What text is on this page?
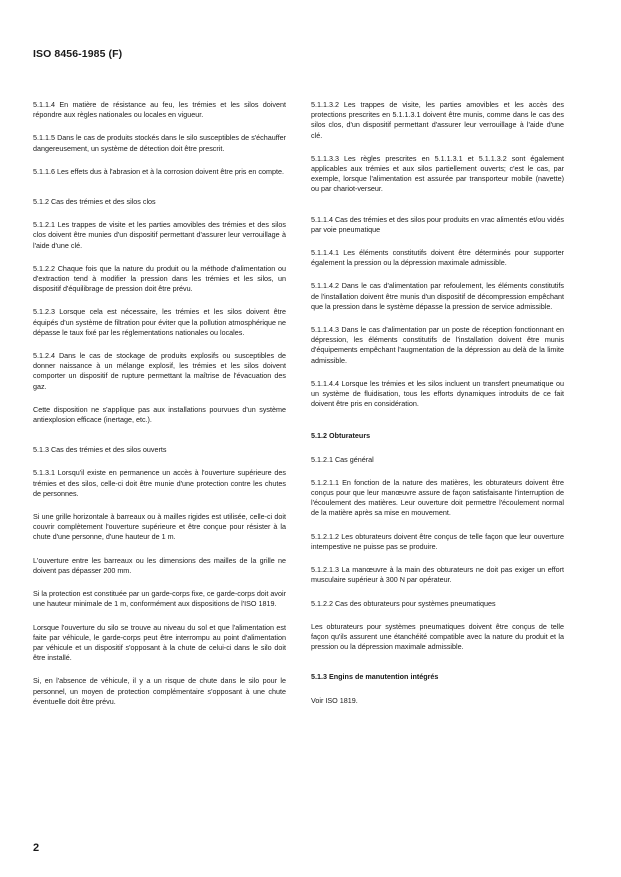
ISO 8456-1985 (F)

5.1.1.4 En matière de résistance au feu, les trémies et les silos doivent répondre aux règles nationales ou locales en vigueur.

5.1.1.5 Dans le cas de produits stockés dans le silo susceptibles de s'échauffer dangereusement, un système de détection doit être prescrit.

5.1.1.6 Les effets dus à l'abrasion et à la corrosion doivent être pris en compte.

5.1.2 Cas des trémies et des silos clos

5.1.2.1 Les trappes de visite et les parties amovibles des trémies et des silos clos doivent être munies d'un dispositif permettant d'assurer leur verrouillage à l'aide d'une clé.

5.1.2.2 Chaque fois que la nature du produit ou la méthode d'alimentation ou d'extraction tend à modifier la pression dans les trémies et les silos, un dispositif d'équilibrage de pression doit être prévu.

5.1.2.3 Lorsque cela est nécessaire, les trémies et les silos doivent être équipés d'un système de filtration pour éviter que la pollution atmosphérique ne dépasse le taux fixé par les réglementations nationales ou locales.

5.1.2.4 Dans le cas de stockage de produits explosifs ou susceptibles de donner naissance à un mélange explosif, les trémies et les silos doivent comporter un dispositif de rupture permettant la maîtrise de l'évacuation des gaz.

Cette disposition ne s'applique pas aux installations pourvues d'un système antiexplosion efficace (inertage, etc.).

5.1.3 Cas des trémies et des silos ouverts

5.1.3.1 Lorsqu'il existe en permanence un accès à l'ouverture supérieure des trémies et des silos, celle-ci doit être munie d'une protection contre les chutes de personnes.

Si une grille horizontale à barreaux ou à mailles rigides est utilisée, celle-ci doit couvrir complètement l'ouverture supérieure et être conçue pour résister à la chute d'une personne, d'une hauteur de 1 m.

L'ouverture entre les barreaux ou les dimensions des mailles de la grille ne doivent pas dépasser 200 mm.

Si la protection est constituée par un garde-corps fixe, ce garde-corps doit avoir une hauteur minimale de 1 m, conformément aux dispositions de l'ISO 1819.

Lorsque l'ouverture du silo se trouve au niveau du sol et que l'alimentation est faite par véhicule, le garde-corps peut être interrompu au point d'alimentation par véhicule et un dispositif s'opposant à la chute de celui-ci dans le silo doit être installé.

Si, en l'absence de véhicule, il y a un risque de chute dans le silo pour le personnel, un moyen de protection complémentaire s'opposant à une chute éventuelle doit être prévu.

5.1.1.3.2 Les trappes de visite, les parties amovibles et les accès des protections prescrites en 5.1.1.3.1 doivent être munis, comme dans le cas des silos clos, d'un dispositif permettant d'assurer leur verrouillage à l'aide d'une clé.

5.1.1.3.3 Les règles prescrites en 5.1.1.3.1 et 5.1.1.3.2 sont également applicables aux trémies et aux silos partiellement ouverts; c'est le cas, par exemple, lorsque l'alimentation est assurée par transporteur mobile (navette) ou par chariot-verseur.

5.1.1.4 Cas des trémies et des silos pour produits en vrac alimentés et/ou vidés par voie pneumatique

5.1.1.4.1 Les éléments constitutifs doivent être déterminés pour supporter également la pression ou la dépression maximale admissible.

5.1.1.4.2 Dans le cas d'alimentation par refoulement, les éléments constitutifs de l'installation doivent être munis d'un dispositif de décompression empêchant que la pression dans le système dépasse la pression de service admissible.

5.1.1.4.3 Dans le cas d'alimentation par un poste de réception fonctionnant en dépression, les éléments constitutifs de l'installation doivent être munis d'équipements empêchant l'augmentation de la dépression au delà de la limite admissible.

5.1.1.4.4 Lorsque les trémies et les silos incluent un transfert pneumatique ou un système de fluidisation, tous les efforts dynamiques introduits de ce fait doivent être pris en considération.

5.1.2 Obturateurs

5.1.2.1 Cas général

5.1.2.1.1 En fonction de la nature des matières, les obturateurs doivent être conçus pour que leur manœuvre assure de façon satisfaisante l'interruption de l'écoulement des matières. Leur ouverture doit permettre l'écoulement normal de la matière après sa mise en mouvement.

5.1.2.1.2 Les obturateurs doivent être conçus de telle façon que leur ouverture intempestive ne puisse pas se produire.

5.1.2.1.3 La manœuvre à la main des obturateurs ne doit pas exiger un effort musculaire supérieur à 300 N par opérateur.

5.1.2.2 Cas des obturateurs pour systèmes pneumatiques

Les obturateurs pour systèmes pneumatiques doivent être conçus de telle façon qu'ils assurent une étanchéité compatible avec la nature du produit et la pression ou la dépression maximale admissible.

5.1.3 Engins de manutention intégrés

Voir ISO 1819.

2
